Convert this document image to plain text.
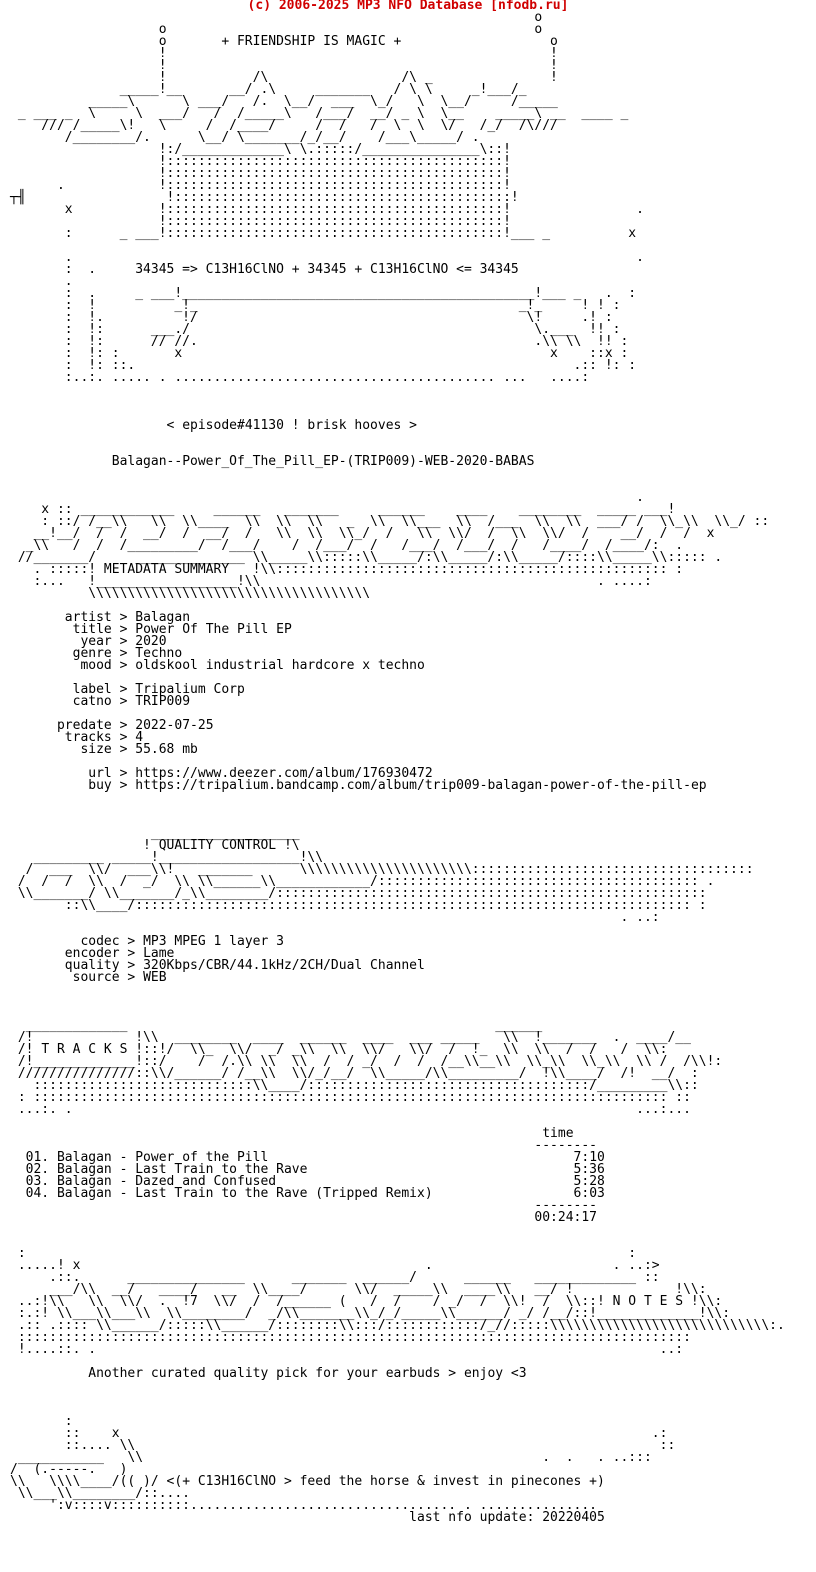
(c) 2006-2025 MP3 NFO Database [nfodb.ru]

o
o                                               o
o       + FRIENDSHIP IS MAGIC +                   o
!                                                 !
!                                                 !
!           /\                 /\ _               !
_____!__      __/ .\     _______   / \ \     _!___/_
_____\      \ ___/   /.  \__/  ___  \_/   \  \__/     /_____
_ ___ _  \     \  ___/   /  /_____\   /___/  __/ _ \  \__    _____\ __  ____ _
/// /_____\!   \     /  /____/     /  /   /  \  \  \/   /_/  /\///
/________/.      \__/ \_______/_/__/    /___\_____/ .
!:/_____________\ \.:::::/_______________\::!
!:::::::::::::::::::::::::::::::::::::::::::!
!:::::::::::::::::::::::::::::::::::::::::::!
.            !:::::::::::::::::::::::::::::::::::::::::::!
┬╢                  !:::::::::::::::::::::::::::::::::::::::::::!
x           !:::::::::::::::::::::::::::::::::::::::::::!                .
!:::::::::::::::::::::::::::::::::::::::::::!
:      _ ___!:::::::::::::::::::::::::::::::::::::::::::!___ _          x

.                                                                        .
:  .     34345 => C13H16ClNO + 34345 + C13H16ClNO <= 34345
.
:  .     _ ___!_____________________________________________!___ _   .  :
:  !          _!_                                         _!_     ! ! :
:  !.          !/                                          \!     .! :
:  !:      ___./                                            \.___  !! :
:  !:      // //.                                           .\\ \\  !! :
:  !: :       x                                               x    ::x :
:  !: ::.                                                        .:: !: :
:..:. ..... . ......................................... ...   ....:

< episode#41130 ! brisk hooves >

Balagan--Power_Of_The_Pill_EP-(TRIP009)-WEB-2020-BABAS

.
x :: ____________     ______   _______     ______    ____    ________  _____ ___!
: ::/ /__\\   \\  \\____  \\  \\  \\   _  \\  \\___  \\  /___  \\  \\  ___/ /  \\_\\  \\_/ ::
__!__/  /  /  __/  /  __/  /   \\  \\  \\_/  /   \\  \\/  /  \\  \\/  /    __/  /  /  x
_\\   /  /  /_________/  /___/    /  /___/  /   /___/  /___/  /   /____/  /____/:  .
//_______/     ______________ \\_____\\:::::\\_____/:\\_____/:\\_____/::::\\_____\\::::: .
. :::::! METADATA SUMMARY   !\\:::::::::::::::::::::::::::::::::::::::::::::::::: :
:...   !__________________!\\                                           . ....:
\\\\\\\\\\\\\\\\\\\\\\\\\\\\\\\\\\\\

artist > Balagan
title > Power Of The Pill EP
year > 2020
genre > Techno
mood > oldskool industrial hardcore x techno

label > Tripalium Corp
catno > TRIP009

predate > 2022-07-25
tracks > 4
size > 55.68 mb

url > https://www.deezer.com/album/176930472
buy > https://tripalium.bandcamp.com/album/trip009-balagan-power-of-the-pill-ep

___________________
! QUALITY CONTROL !\
_________ _____!__________________!\\
/  ___  \\/  ___\\!   _______      \\\\\\\\\\\\\\\\\\\\\\::::::::::::::::::::::::::::::::::::
/  /  /  \\  /  _/  \\ \\______\\____________/::::::::::::::::::::::::::::::::::::::::: .
\\_______/ \\_______/_\\________/:::::::::::::::::::::::::::::::::::::::::::::::::::::::
::\\____/::::::::::::::::::::::::::::::::::::::::::::::::::::::::::::::::::::::: :
. ..:

codec > MP3 MPEG 1 layer 3
encoder > Lame
quality > 320Kbps/CBR/44.1kHz/2CH/Dual Channel
source > WEB

_____________                                               ______
/!             !\\  ________  ____  ______  ____  ___ _____   \\  !_______  .  ____/__
/! T R A C K S !::!/  \\_  \\/  _/ _\\  \\  \\/   \\/  /  !_  \\  \\  /  /   /  \\:
/!_____________!::/    /  /.\\ \\  \\  /  / _/  /  /  /__\\__\\  \\_\\  \\_\\  \\ /  /\\!:
///////////////::\\/______/ /__\\  \\/_/__/  \\_____/\\_________/  !\\____/  /!  __/  :
::::::::::::::::::::::::::::\\____/::::::::::::::::::::::::::::::::::::/_________\\::
: ::::::::::::::::::::::::::::::::::::::::::::::::::::::::::::::::::::::::::::::::: ::
...:. .                                                                        ...:...

time
--------
01. Balagan - Power of the Pill	7:10
02. Balagan - Last Train to the Rave	5:36
03. Balagan - Dazed and Confused	5:28
04. Balagan - Last Train to the Rave (Tripped Remix)	6:03
--------
00:24:17

:                                                                             :
.....! x                                            .                       . ..:>
.::.      _______________      _______  ______/      ______   _____________ ::
___/\\  __/   ____/   __  \\____/      \\/  _____\\  ____\\   __/ !             !\\:
..:!\\   \\  \\/  .  !7  \\/  /  /______ (   /  /    / _/  /  \\!  /  \\::! N O T E S !\\:
:.:! \\___\\___\\  \\________/  _/\\_______\\_/_/_____\\______/ _/ /__/::!_____________!\\:
.:: .:::: \\______/:::::\\______/::::::::\\:::/::::::::::::/_//:::::\\\\\\\\\\\\\\\\\\\\\\\\\\\\:.
::::::::::::::::::::::::::::::::::::::::::::::::::::::::::::::::::::::::::::::::::::::
!....::. .                                                                        ..:

Another curated quality pick for your earbuds > enjoy <3

:
::    x                                                                    .:
::.... \\                                                                   ::
___________   \\                                                   .  .   . ..:::
/  (.-----.   )
\\   \\\\____/(( )/ <(+ C13H16ClNO > feed the horse & invest in pinecones +)
\\___\\________/::....
':v::::v::::::::::.................................. . ...............

last nfo update: 20220405
